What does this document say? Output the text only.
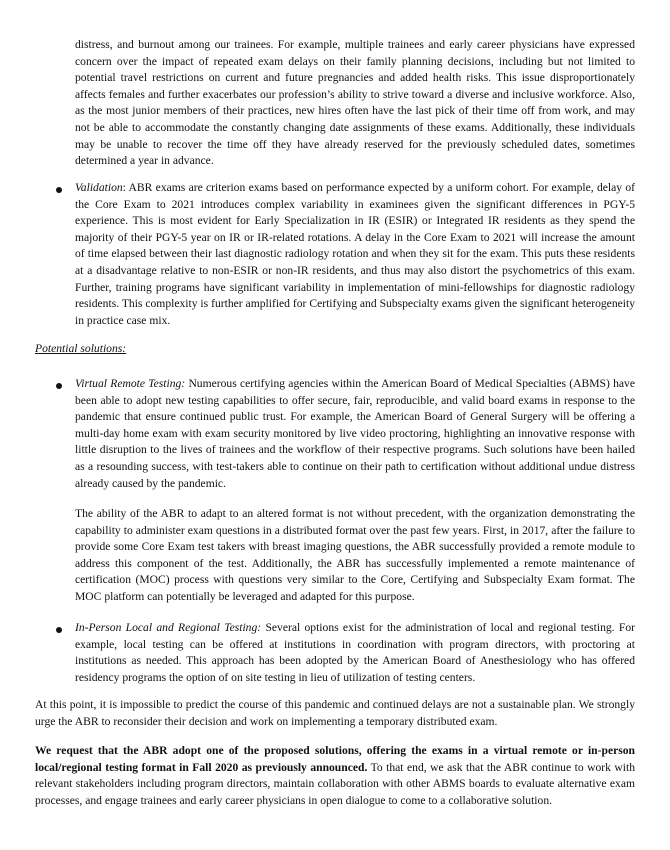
distress, and burnout among our trainees. For example, multiple trainees and early career physicians have expressed concern over the impact of repeated exam delays on their family planning decisions, including but not limited to potential travel restrictions on current and future pregnancies and added health risks. This issue disproportionately affects females and further exacerbates our profession’s ability to strive toward a diverse and inclusive workforce. Also, as the most junior members of their practices, new hires often have the last pick of their time off from work, and may not be able to accommodate the constantly changing date assignments of these exams. Additionally, these individuals may be unable to recover the time off they have already reserved for the previously scheduled dates, sometimes determined a year in advance.

Validation: ABR exams are criterion exams based on performance expected by a uniform cohort. For example, delay of the Core Exam to 2021 introduces complex variability in examinees given the significant differences in PGY-5 experience. This is most evident for Early Specialization in IR (ESIR) or Integrated IR residents as they spend the majority of their PGY-5 year on IR or IR-related rotations. A delay in the Core Exam to 2021 will increase the amount of time elapsed between their last diagnostic radiology rotation and when they sit for the exam. This puts these residents at a disadvantage relative to non-ESIR or non-IR residents, and thus may also distort the psychometrics of this exam. Further, training programs have significant variability in implementation of mini-fellowships for diagnostic radiology residents. This complexity is further amplified for Certifying and Subspecialty exams given the significant heterogeneity in practice case mix.

Potential solutions:

Virtual Remote Testing: Numerous certifying agencies within the American Board of Medical Specialties (ABMS) have been able to adopt new testing capabilities to offer secure, fair, reproducible, and valid board exams in response to the pandemic that ensure continued public trust. For example, the American Board of General Surgery will be offering a multi-day home exam with exam security monitored by live video proctoring, highlighting an innovative response with little disruption to the lives of trainees and the workflow of their respective programs. Such solutions have been hailed as a resounding success, with test-takers able to continue on their path to certification without additional undue distress already caused by the pandemic.

The ability of the ABR to adapt to an altered format is not without precedent, with the organization demonstrating the capability to administer exam questions in a distributed format over the past few years. First, in 2017, after the failure to provide some Core Exam test takers with breast imaging questions, the ABR successfully provided a remote module to address this component of the test. Additionally, the ABR has successfully implemented a remote maintenance of certification (MOC) process with questions very similar to the Core, Certifying and Subspecialty Exam format. The MOC platform can potentially be leveraged and adapted for this purpose.

In-Person Local and Regional Testing: Several options exist for the administration of local and regional testing. For example, local testing can be offered at institutions in coordination with program directors, with proctoring at institutions as needed. This approach has been adopted by the American Board of Anesthesiology who has offered residency programs the option of on site testing in lieu of utilization of testing centers.

At this point, it is impossible to predict the course of this pandemic and continued delays are not a sustainable plan. We strongly urge the ABR to reconsider their decision and work on implementing a temporary distributed exam.

We request that the ABR adopt one of the proposed solutions, offering the exams in a virtual remote or in-person local/regional testing format in Fall 2020 as previously announced. To that end, we ask that the ABR continue to work with relevant stakeholders including program directors, maintain collaboration with other ABMS boards to evaluate alternative exam processes, and engage trainees and early career physicians in open dialogue to come to a collaborative solution.
